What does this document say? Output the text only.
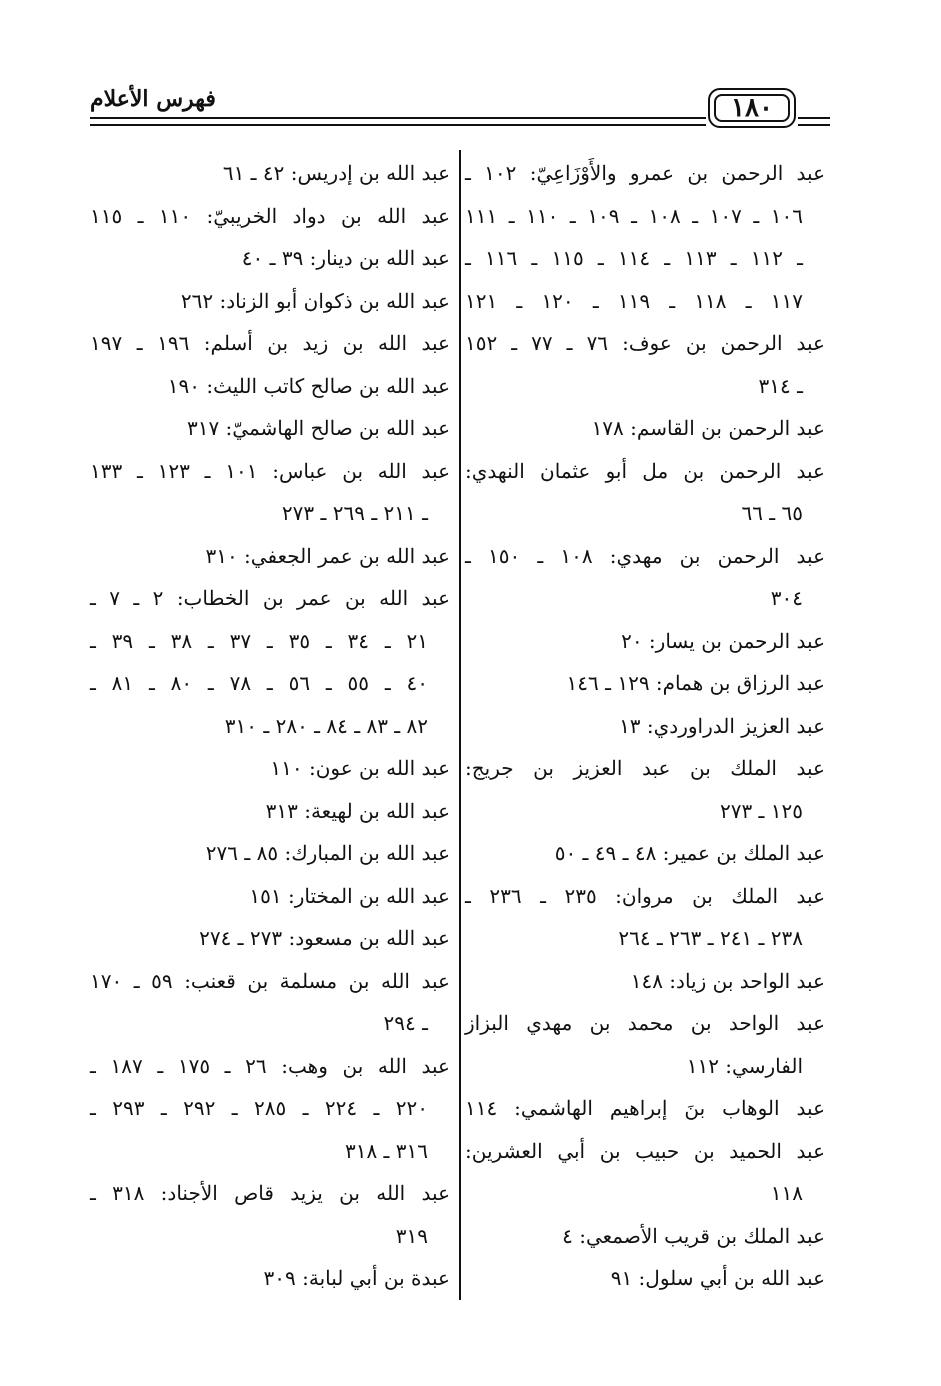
١٨٠
فهرس الأعلام
عبد الرحمن بن عمرو والأَوْزَاعِيّ: ١٠٢ ـ
١٠٦ ـ ١٠٧ ـ ١٠٨ ـ ١٠٩ ـ ١١٠ ـ ١١١
ـ ١١٢ ـ ١١٣ ـ ١١٤ ـ ١١٥ ـ ١١٦ ـ
١١٧ ـ ١١٨ ـ ١١٩ ـ ١٢٠ ـ ١٢١
عبد الرحمن بن عوف: ٧٦ ـ ٧٧ ـ ١٥٢
ـ ٣١٤
عبد الرحمن بن القاسم: ١٧٨
عبد الرحمن بن مل أبو عثمان النهدي:
٦٥ ـ ٦٦
عبد الرحمن بن مهدي: ١٠٨ ـ ١٥٠ ـ
٣٠٤
عبد الرحمن بن يسار: ٢٠
عبد الرزاق بن همام: ١٢٩ ـ ١٤٦
عبد العزيز الدراوردي: ١٣
عبد الملك بن عبد العزيز بن جريج:
١٢٥ ـ ٢٧٣
عبد الملك بن عمير: ٤٨ ـ ٤٩ ـ ٥٠
عبد الملك بن مروان: ٢٣٥ ـ ٢٣٦ ـ
٢٣٨ ـ ٢٤١ ـ ٢٦٣ ـ ٢٦٤
عبد الواحد بن زياد: ١٤٨
عبد الواحد بن محمد بن مهدي البزاز
الفارسي: ١١٢
عبد الوهاب بنَ إبراهيم الهاشمي: ١١٤
عبد الحميد بن حبيب بن أبي العشرين:
١١٨
عبد الملك بن قريب الأصمعي: ٤
عبد الله بن أبي سلول: ٩١
عبد الله بن إدريس: ٤٢ ـ ٦١
عبد الله بن دواد الخريبيّ: ١١٠ ـ ١١٥
عبد الله بن دينار: ٣٩ ـ ٤٠
عبد الله بن ذكوان أبو الزناد: ٢٦٢
عبد الله بن زيد بن أسلم: ١٩٦ ـ ١٩٧
عبد الله بن صالح كاتب الليث: ١٩٠
عبد الله بن صالح الهاشميّ: ٣١٧
عبد الله بن عباس: ١٠١ ـ ١٢٣ ـ ١٣٣
ـ ٢١١ ـ ٢٦٩ ـ ٢٧٣
عبد الله بن عمر الجعفي: ٣١٠
عبد الله بن عمر بن الخطاب: ٢ ـ ٧ ـ
٢١ ـ ٣٤ ـ ٣٥ ـ ٣٧ ـ ٣٨ ـ ٣٩ ـ
٤٠ ـ ٥٥ ـ ٥٦ ـ ٧٨ ـ ٨٠ ـ ٨١ ـ
٨٢ ـ ٨٣ ـ ٨٤ ـ ٢٨٠ ـ ٣١٠
عبد الله بن عون: ١١٠
عبد الله بن لهيعة: ٣١٣
عبد الله بن المبارك: ٨٥ ـ ٢٧٦
عبد الله بن المختار: ١٥١
عبد الله بن مسعود: ٢٧٣ ـ ٢٧٤
عبد الله بن مسلمة بن قعنب: ٥٩ ـ ١٧٠
ـ ٢٩٤
عبد الله بن وهب: ٢٦ ـ ١٧٥ ـ ١٨٧ ـ
٢٢٠ ـ ٢٢٤ ـ ٢٨٥ ـ ٢٩٢ ـ ٢٩٣ ـ
٣١٦ ـ ٣١٨
عبد الله بن يزيد قاص الأجناد: ٣١٨ ـ
٣١٩
عبدة بن أبي لبابة: ٣٠٩
